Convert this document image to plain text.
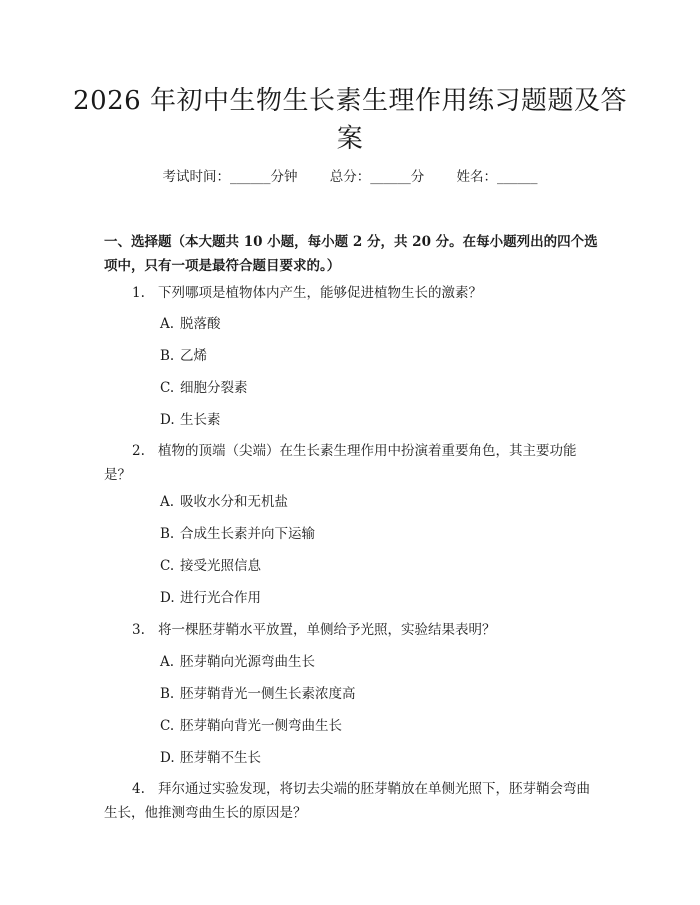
2026 年初中生物生长素生理作用练习题题及答案
考试时间：______分钟 总分：______分 姓名：______

一、选择题（本大题共 10 小题，每小题 2 分，共 20 分。在每小题列出的四个选项中，只有一项是最符合题目要求的。）

1. 下列哪项是植物体内产生，能够促进植物生长的激素？

A. 脱落酸

B. 乙烯

C. 细胞分裂素

D. 生长素

2. 植物的顶端（尖端）在生长素生理作用中扮演着重要角色，其主要功能是？

A. 吸收水分和无机盐

B. 合成生长素并向下运输

C. 接受光照信息

D. 进行光合作用

3. 将一棵胚芽鞘水平放置，单侧给予光照，实验结果表明？

A. 胚芽鞘向光源弯曲生长

B. 胚芽鞘背光一侧生长素浓度高

C. 胚芽鞘向背光一侧弯曲生长

D. 胚芽鞘不生长

4. 拜尔通过实验发现，将切去尖端的胚芽鞘放在单侧光照下，胚芽鞘会弯曲生长，他推测弯曲生长的原因是？
